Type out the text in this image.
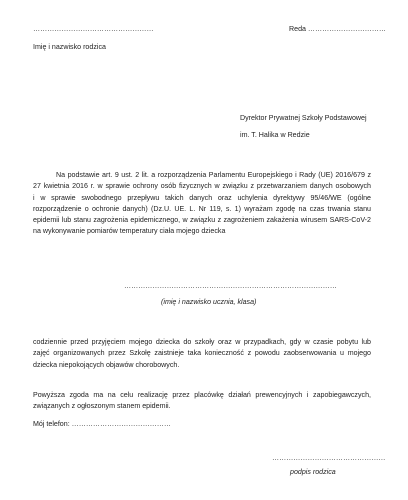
……………………………………………
Imię i nazwisko rodzica
Reda ……………………………
Dyrektor Prywatnej Szkoły Podstawowej
im. T. Halika w Redzie
Na podstawie art. 9 ust. 2 lit. a rozporządzenia Parlamentu Europejskiego i Rady (UE) 2016/679 z
27 kwietnia 2016 r. w sprawie ochrony osób fizycznych w związku z przetwarzaniem danych osobowych
i w sprawie swobodnego przepływu takich danych oraz uchylenia dyrektywy 95/46/WE (ogólne
rozporządzenie o ochronie danych) (Dz.U. UE. L. Nr 119, s. 1) wyrażam zgodę na czas trwania stanu
epidemii lub stanu zagrożenia epidemicznego, w związku z zagrożeniem zakażenia wirusem SARS-CoV-2
na wykonywanie pomiarów temperatury ciała mojego dziecka
………………………………………………………………………………
(imię i nazwisko ucznia, klasa)
codziennie przed przyjęciem mojego dziecka do szkoły oraz w przypadkach, gdy w czasie pobytu lub
zajęć organizowanych przez Szkołę zaistnieje taka konieczność z powodu zaobserwowania u mojego
dziecka niepokojących objawów chorobowych.
Powyższa zgoda ma na celu realizację przez placówkę działań prewencyjnych i zapobiegawczych,
związanych z ogłoszonym stanem epidemii.
Mój telefon: ……………………………………
…………………………………………
podpis rodzica
